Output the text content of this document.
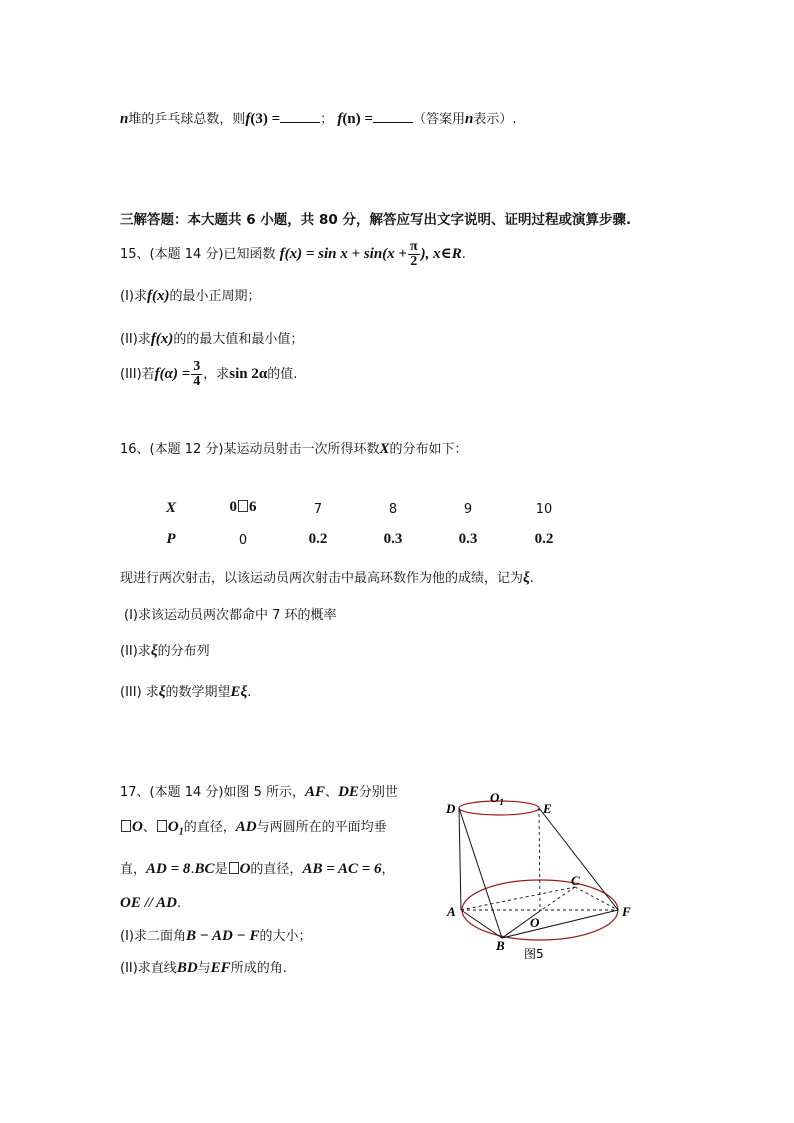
n堆的乒乓球总数，则f(3) =	； f(n) =	（答案用n表示）.
三解答题：本大题共 6 小题，共 80 分，解答应写出文字说明、证明过程或演算步骤.
15、(本题 14 分)已知函数 $f(x) = \sin x + \sin(x + \frac{\pi}{2}$ ), x∈R.
(I)求f(x)的最小正周期；
(II)求f(x)的的最大值和最小值；
(III)若$f(\alpha) = \frac{3}{4}$ ，求sin 2α的值.
16、(本题 12 分)某运动员射击一次所得环数X的分布如下：
X	0 6	7	8	9	10
P	0	0.2	0.3	0.3	0.2
现进行两次射击，以该运动员两次射击中最高环数作为他的成绩，记为ξ.
(I)求该运动员两次都命中 7 环的概率
(II)求ξ的分布列
(III) 求ξ的数学期望Eξ.
17、(本题 14 分)如图 5 所示，AF、DE分别世
O、 $O_1$的直径，AD与两圆所在的平面均垂
直，AD = 8.BC是 O的直径，AB = AC = 6，
OE // AD.
(I)求二面角B − AD − F的大小；
(II)求直线BD与EF所成的角.
D
$O_1$	E
C
A
O
F
B
图5
